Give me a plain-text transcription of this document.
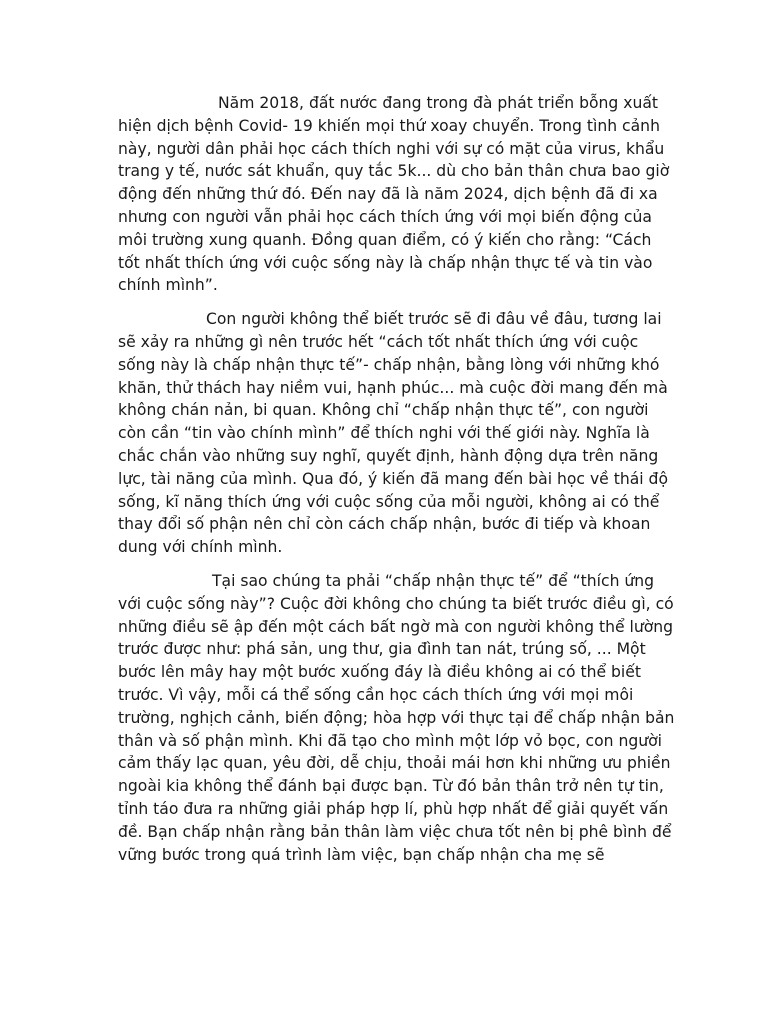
Năm 2018, đất nước đang trong đà phát triển bỗng xuất hiện dịch bệnh Covid- 19 khiến mọi thứ xoay chuyển. Trong tình cảnh này, người dân phải học cách thích nghi với sự có mặt của virus, khẩu trang y tế, nước sát khuẩn, quy tắc 5k... dù cho bản thân chưa bao giờ động đến những thứ đó. Đến nay đã là năm 2024, dịch bệnh đã đi xa nhưng con người vẫn phải học cách thích ứng với mọi biến động của môi trường xung quanh. Đồng quan điểm, có ý kiến cho rằng: “Cách tốt nhất thích ứng với cuộc sống này là chấp nhận thực tế và tin vào chính mình”.

Con người không thể biết trước sẽ đi đâu về đâu, tương lai sẽ xảy ra những gì nên trước hết “cách tốt nhất thích ứng với cuộc sống này là chấp nhận thực tế”- chấp nhận, bằng lòng với những khó khăn, thử thách hay niềm vui, hạnh phúc... mà cuộc đời mang đến mà không chán nản, bi quan. Không chỉ “chấp nhận thực tế”, con người còn cần “tin vào chính mình” để thích nghi với thế giới này. Nghĩa là chắc chắn vào những suy nghĩ, quyết định, hành động dựa trên năng lực, tài năng của mình. Qua đó, ý kiến đã mang đến bài học về thái độ sống, kĩ năng thích ứng với cuộc sống của mỗi người, không ai có thể thay đổi số phận nên chỉ còn cách chấp nhận, bước đi tiếp và khoan dung với chính mình.

Tại sao chúng ta phải “chấp nhận thực tế” để “thích ứng với cuộc sống này”? Cuộc đời không cho chúng ta biết trước điều gì, có những điều sẽ ập đến một cách bất ngờ mà con người không thể lường trước được như: phá sản, ung thư, gia đình tan nát, trúng số, ... Một bước lên mây hay một bước xuống đáy là điều không ai có thể biết trước. Vì vậy, mỗi cá thể sống cần học cách thích ứng với mọi môi trường, nghịch cảnh, biến động; hòa hợp với thực tại để chấp nhận bản thân và số phận mình. Khi đã tạo cho mình một lớp vỏ bọc, con người cảm thấy lạc quan, yêu đời, dễ chịu, thoải mái hơn khi những ưu phiền ngoài kia không thể đánh bại được bạn. Từ đó bản thân trở nên tự tin, tỉnh táo đưa ra những giải pháp hợp lí, phù hợp nhất để giải quyết vấn đề. Bạn chấp nhận rằng bản thân làm việc chưa tốt nên bị phê bình để vững bước trong quá trình làm việc, bạn chấp nhận cha mẹ sẽ
